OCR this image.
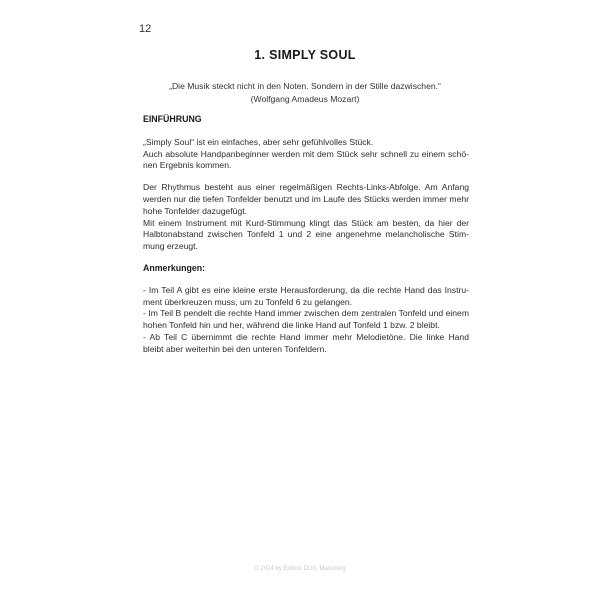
12
1. SIMPLY SOUL
„Die Musik steckt nicht in den Noten. Sondern in der Stille dazwischen.“
(Wolfgang Amadeus Mozart)

EINFÜHRUNG

„Simply Soul“ ist ein einfaches, aber sehr gefühlvolles Stück.

Auch absolute Handpanbeginner werden mit dem Stück sehr schnell zu einem schönen Ergebnis kommen.

Der Rhythmus besteht aus einer regelmäßigen Rechts-Links-Abfolge. Am Anfang werden nur die tiefen Tonfelder benutzt und im Laufe des Stücks werden immer mehr hohe Tonfelder dazugefügt.

Mit einem Instrument mit Kurd-Stimmung klingt das Stück am besten, da hier der Halbtonabstand zwischen Tonfeld 1 und 2 eine angenehme melancholische Stimmung erzeugt.

Anmerkungen:

- Im Teil A gibt es eine kleine erste Herausforderung, da die rechte Hand das Instrument überkreuzen muss, um zu Tonfeld 6 zu gelangen.

- Im Teil B pendelt die rechte Hand immer zwischen dem zentralen Tonfeld und einem hohen Tonfeld hin und her, während die linke Hand auf Tonfeld 1 bzw. 2 bleibt.

- Ab Teil C übernimmt die rechte Hand immer mehr Melodietöne. Die linke Hand bleibt aber weiterhin bei den unteren Tonfeldern.

© 2024 by Edition DUX, Manching
